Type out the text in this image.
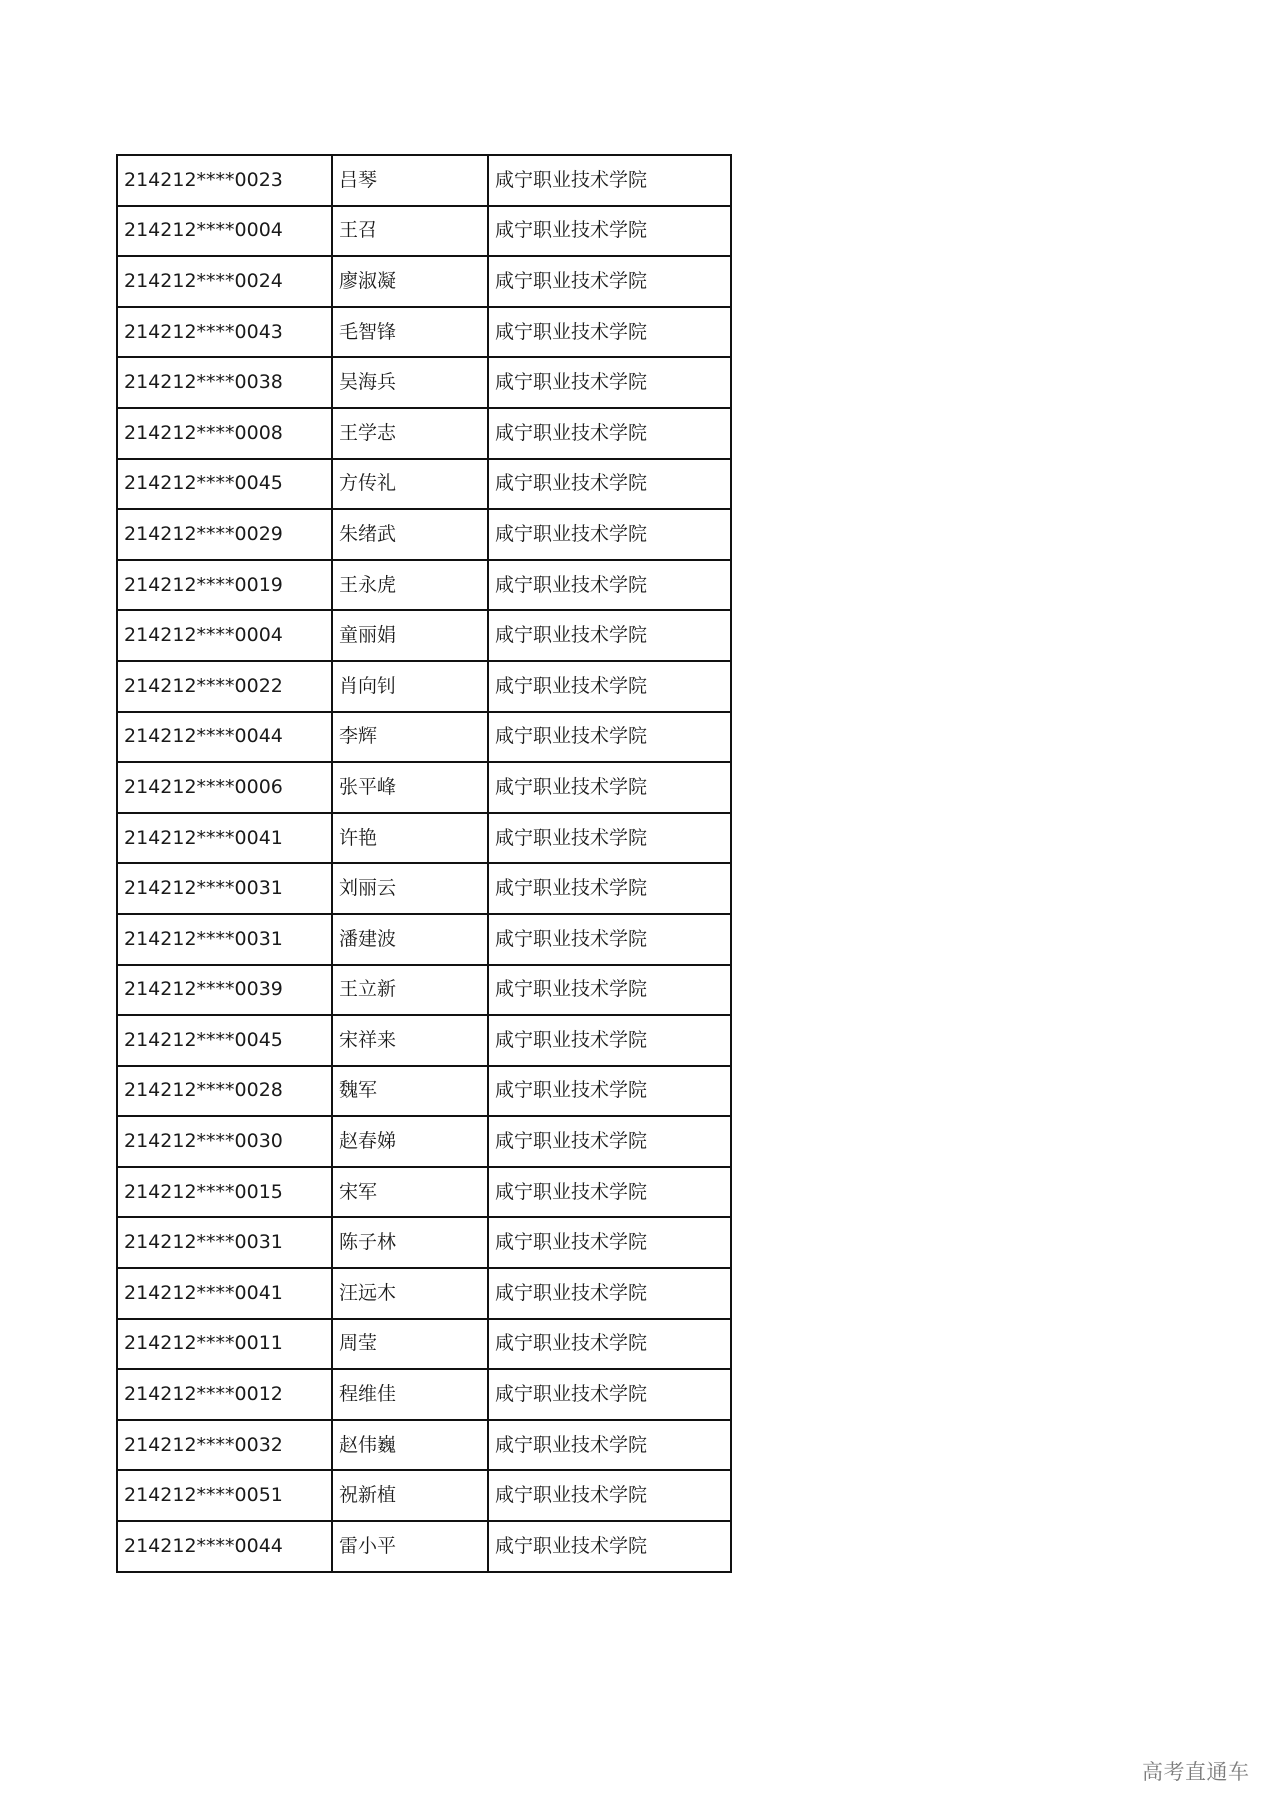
214212****0023	吕琴	咸宁职业技术学院
214212****0004	王召	咸宁职业技术学院
214212****0024	廖淑凝	咸宁职业技术学院
214212****0043	毛智锋	咸宁职业技术学院
214212****0038	吴海兵	咸宁职业技术学院
214212****0008	王学志	咸宁职业技术学院
214212****0045	方传礼	咸宁职业技术学院
214212****0029	朱绪武	咸宁职业技术学院
214212****0019	王永虎	咸宁职业技术学院
214212****0004	童丽娟	咸宁职业技术学院
214212****0022	肖向钊	咸宁职业技术学院
214212****0044	李辉	咸宁职业技术学院
214212****0006	张平峰	咸宁职业技术学院
214212****0041	许艳	咸宁职业技术学院
214212****0031	刘丽云	咸宁职业技术学院
214212****0031	潘建波	咸宁职业技术学院
214212****0039	王立新	咸宁职业技术学院
214212****0045	宋祥来	咸宁职业技术学院
214212****0028	魏军	咸宁职业技术学院
214212****0030	赵春娣	咸宁职业技术学院
214212****0015	宋军	咸宁职业技术学院
214212****0031	陈子林	咸宁职业技术学院
214212****0041	汪远木	咸宁职业技术学院
214212****0011	周莹	咸宁职业技术学院
214212****0012	程维佳	咸宁职业技术学院
214212****0032	赵伟巍	咸宁职业技术学院
214212****0051	祝新植	咸宁职业技术学院
214212****0044	雷小平	咸宁职业技术学院
高考直通车
